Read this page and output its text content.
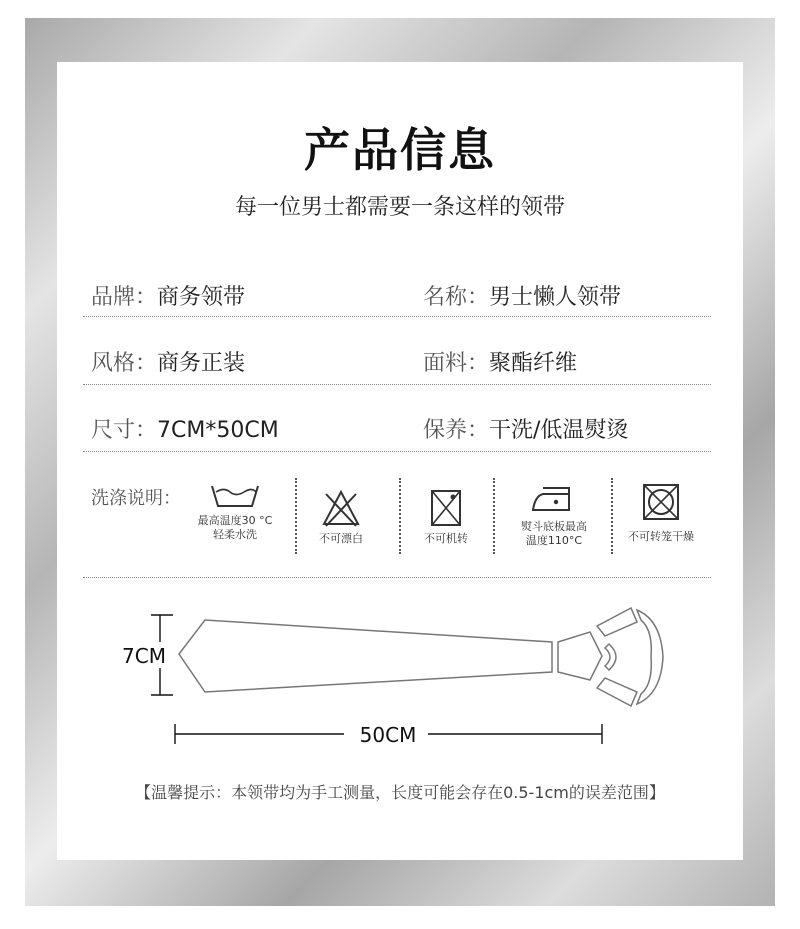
产品信息
每一位男士都需要一条这样的领带
品牌：商务领带	名称：男士懒人领带
风格：商务正装	面料：聚酯纤维
尺寸：7CM*50CM	保养：干洗/低温熨烫
洗涤说明：
最高温度30 °C
轻柔水洗	不可漂白	不可机转
熨斗底板最高
温度110°C	不可转笼干燥
7CM
50CM
【温馨提示：本领带均为手工测量，长度可能会存在0.5-1cm的误差范围】
